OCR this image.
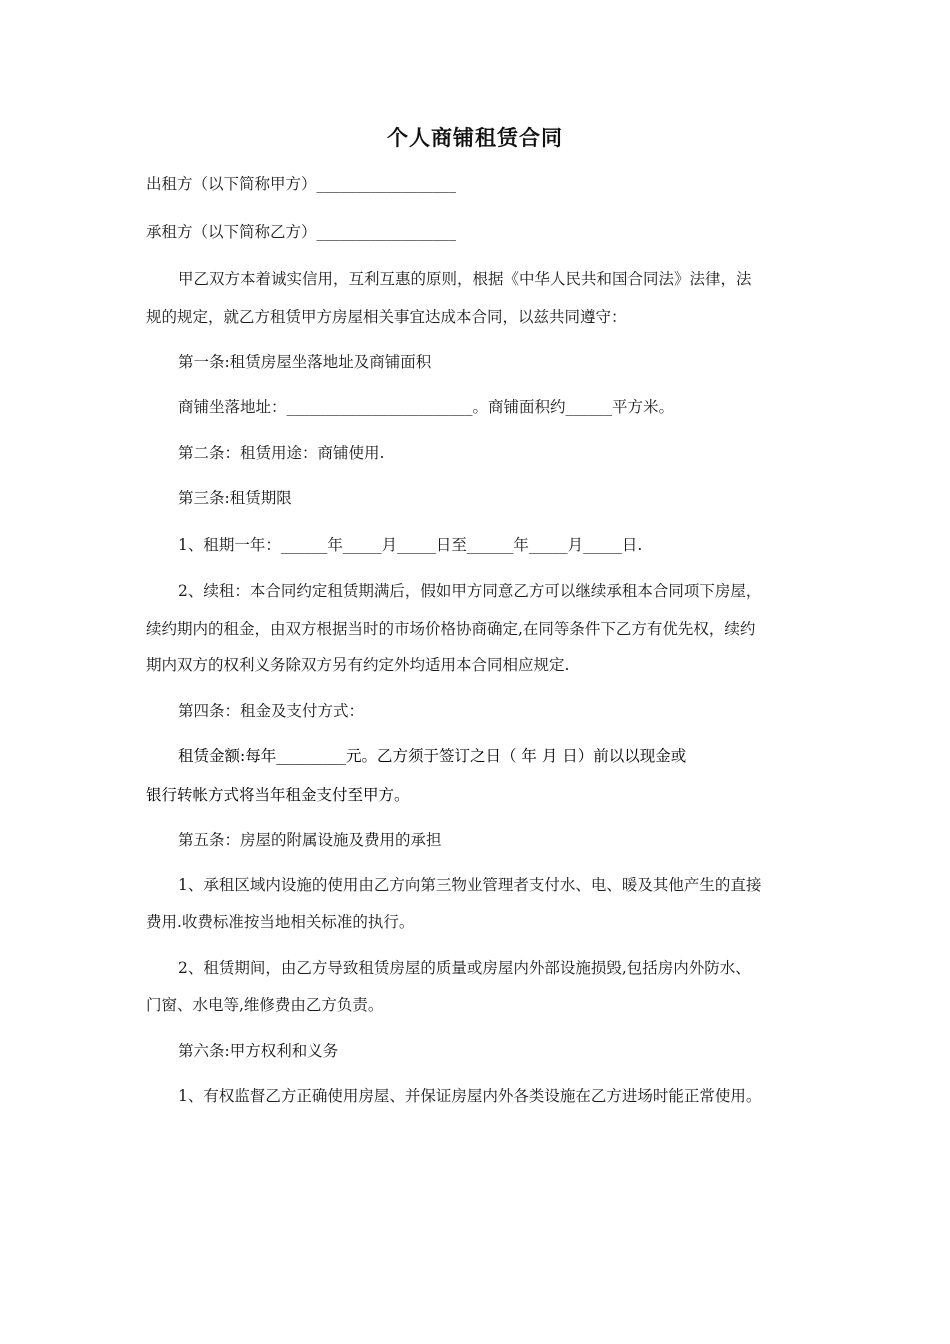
个人商铺租赁合同
出租方（以下简称甲方）__________________
承租方（以下简称乙方）__________________
甲乙双方本着诚实信用，互利互惠的原则，根据《中华人民共和国合同法》法律，法
规的规定，就乙方租赁甲方房屋相关事宜达成本合同，以兹共同遵守：
第一条:租赁房屋坐落地址及商铺面积
商铺坐落地址：________________________。商铺面积约______平方米。
第二条：租赁用途：商铺使用.
第三条:租赁期限
1、租期一年：______年_____月_____日至______年_____月_____日.
2、续租：本合同约定租赁期满后，假如甲方同意乙方可以继续承租本合同项下房屋，
续约期内的租金，由双方根据当时的市场价格协商确定,在同等条件下乙方有优先权，续约
期内双方的权利义务除双方另有约定外均适用本合同相应规定.
第四条：租金及支付方式：
租赁金额:每年_________元。乙方须于签订之日（ 年 月 日）前以以现金或
银行转帐方式将当年租金支付至甲方。
第五条：房屋的附属设施及费用的承担
1、承租区域内设施的使用由乙方向第三物业管理者支付水、电、暖及其他产生的直接
费用.收费标准按当地相关标准的执行。
2、租赁期间，由乙方导致租赁房屋的质量或房屋内外部设施损毁,包括房内外防水、
门窗、水电等,维修费由乙方负责。
第六条:甲方权利和义务
1、有权监督乙方正确使用房屋、并保证房屋内外各类设施在乙方进场时能正常使用。
